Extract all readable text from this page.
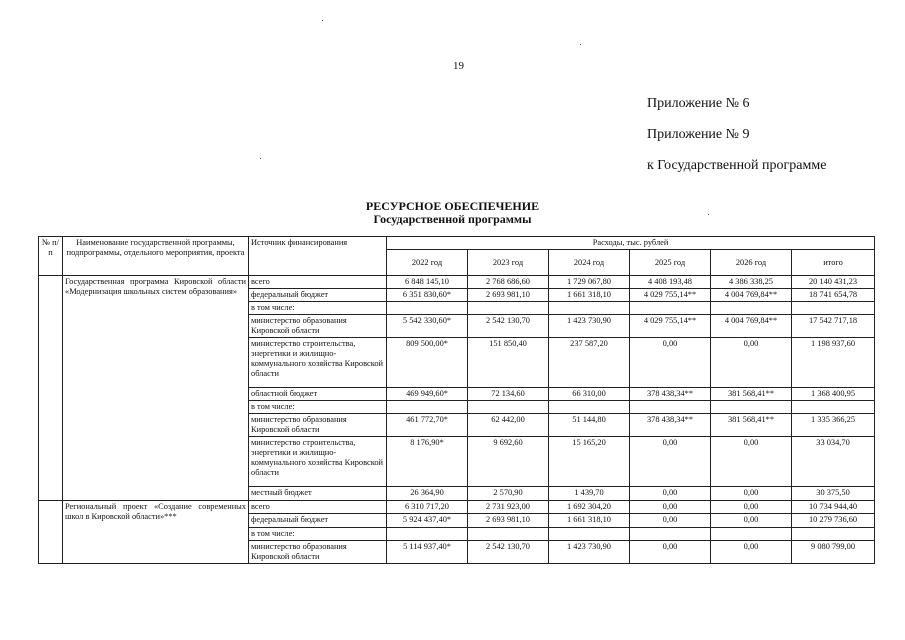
19
Приложение № 6
Приложение № 9
к Государственной программе
РЕСУРСНОЕ ОБЕСПЕЧЕНИЕ
Государственной программы
№ п/п	Наименование государственной программы, подпрограммы, отдельного мероприятия, проекта	Источник финансирования	Расходы, тыс. рублей					
			2022 год	2023 год	2024 год	2025 год	2026 год	итого
	Государственная программа Кировской области «Модернизация школьных систем образования»	всего	6 848 145,10	2 768 686,60	1 729 067,80	4 408 193,48	4 386 338,25	20 140 431,23
		федеральный бюджет	6 351 830,60*	2 693 981,10	1 661 318,10	4 029 755,14**	4 004 769,84**	18 741 654,78
		в том числе:						
		министерство образования Кировской области	5 542 330,60*	2 542 130,70	1 423 730,90	4 029 755,14**	4 004 769,84**	17 542 717,18
		министерство строительства, энергетики и жилищно-коммунального хозяйства Кировской области	809 500,00*	151 850,40	237 587,20	0,00	0,00	1 198 937,60
		областной бюджет	469 949,60*	72 134,60	66 310,00	378 438,34**	381 568,41**	1 368 400,95
		в том числе:						
		министерство образования Кировской области	461 772,70*	62 442,00	51 144,80	378 438,34**	381 568,41**	1 335 366,25
		министерство строительства, энергетики и жилищно-коммунального хозяйства Кировской области	8 176,90*	9 692,60	15 165,20	0,00	0,00	33 034,70
		местный бюджет	26 364,90	2 570,90	1 439,70	0,00	0,00	30 375,50
	Региональный проект «Создание современных школ в Кировской области»***	всего	6 310 717,20	2 731 923,00	1 692 304,20	0,00	0,00	10 734 944,40
		федеральный бюджет	5 924 437,40*	2 693 981,10	1 661 318,10	0,00	0,00	10 279 736,60
		в том числе:						
		министерство образования Кировской области	5 114 937,40*	2 542 130,70	1 423 730,90	0,00	0,00	9 080 799,00
